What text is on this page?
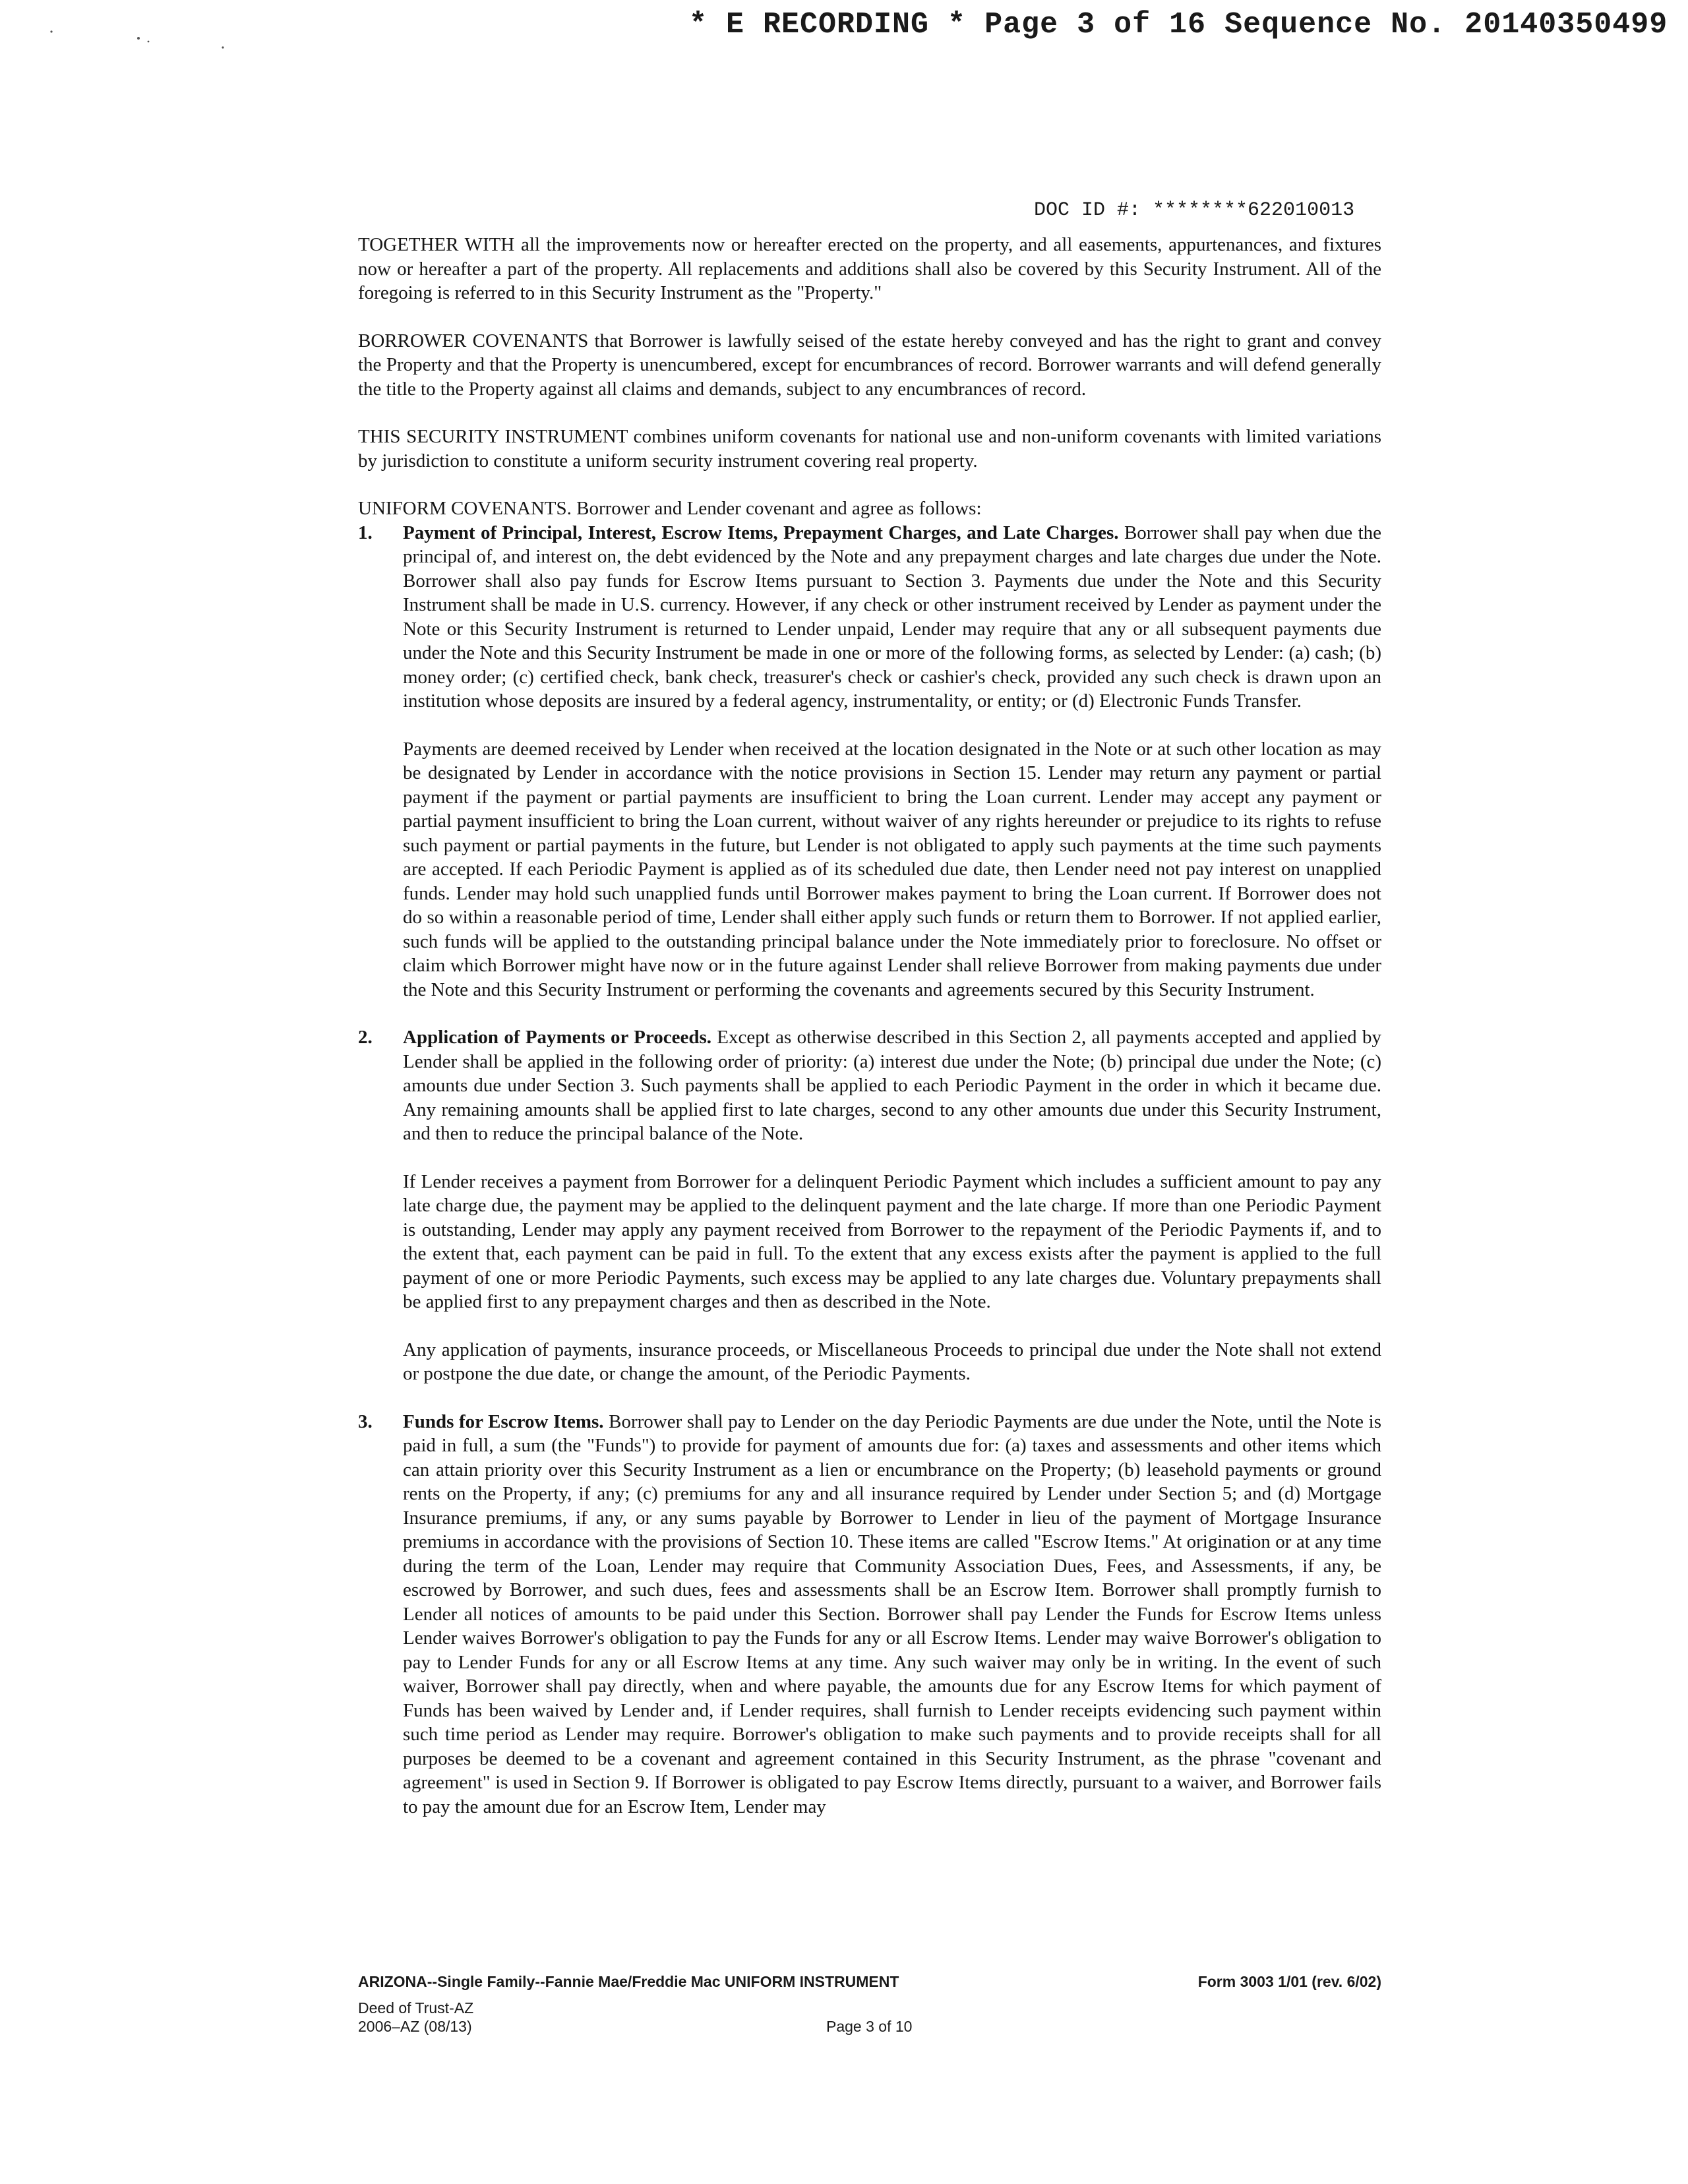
* E RECORDING * Page 3 of 16 Sequence No. 20140350499
DOC ID #: ********622010013

TOGETHER WITH all the improvements now or hereafter erected on the property, and all easements, appurtenances, and fixtures now or hereafter a part of the property. All replacements and additions shall also be covered by this Security Instrument. All of the foregoing is referred to in this Security Instrument as the "Property."

BORROWER COVENANTS that Borrower is lawfully seised of the estate hereby conveyed and has the right to grant and convey the Property and that the Property is unencumbered, except for encumbrances of record. Borrower warrants and will defend generally the title to the Property against all claims and demands, subject to any encumbrances of record.

THIS SECURITY INSTRUMENT combines uniform covenants for national use and non-uniform covenants with limited variations by jurisdiction to constitute a uniform security instrument covering real property.

UNIFORM COVENANTS. Borrower and Lender covenant and agree as follows:

1. Payment of Principal, Interest, Escrow Items, Prepayment Charges, and Late Charges. Borrower shall pay when due the principal of, and interest on, the debt evidenced by the Note and any prepayment charges and late charges due under the Note. Borrower shall also pay funds for Escrow Items pursuant to Section 3. Payments due under the Note and this Security Instrument shall be made in U.S. currency. However, if any check or other instrument received by Lender as payment under the Note or this Security Instrument is returned to Lender unpaid, Lender may require that any or all subsequent payments due under the Note and this Security Instrument be made in one or more of the following forms, as selected by Lender: (a) cash; (b) money order; (c) certified check, bank check, treasurer's check or cashier's check, provided any such check is drawn upon an institution whose deposits are insured by a federal agency, instrumentality, or entity; or (d) Electronic Funds Transfer.

Payments are deemed received by Lender when received at the location designated in the Note or at such other location as may be designated by Lender in accordance with the notice provisions in Section 15. Lender may return any payment or partial payment if the payment or partial payments are insufficient to bring the Loan current. Lender may accept any payment or partial payment insufficient to bring the Loan current, without waiver of any rights hereunder or prejudice to its rights to refuse such payment or partial payments in the future, but Lender is not obligated to apply such payments at the time such payments are accepted. If each Periodic Payment is applied as of its scheduled due date, then Lender need not pay interest on unapplied funds. Lender may hold such unapplied funds until Borrower makes payment to bring the Loan current. If Borrower does not do so within a reasonable period of time, Lender shall either apply such funds or return them to Borrower. If not applied earlier, such funds will be applied to the outstanding principal balance under the Note immediately prior to foreclosure. No offset or claim which Borrower might have now or in the future against Lender shall relieve Borrower from making payments due under the Note and this Security Instrument or performing the covenants and agreements secured by this Security Instrument.

2. Application of Payments or Proceeds. Except as otherwise described in this Section 2, all payments accepted and applied by Lender shall be applied in the following order of priority: (a) interest due under the Note; (b) principal due under the Note; (c) amounts due under Section 3. Such payments shall be applied to each Periodic Payment in the order in which it became due. Any remaining amounts shall be applied first to late charges, second to any other amounts due under this Security Instrument, and then to reduce the principal balance of the Note.

If Lender receives a payment from Borrower for a delinquent Periodic Payment which includes a sufficient amount to pay any late charge due, the payment may be applied to the delinquent payment and the late charge. If more than one Periodic Payment is outstanding, Lender may apply any payment received from Borrower to the repayment of the Periodic Payments if, and to the extent that, each payment can be paid in full. To the extent that any excess exists after the payment is applied to the full payment of one or more Periodic Payments, such excess may be applied to any late charges due. Voluntary prepayments shall be applied first to any prepayment charges and then as described in the Note.

Any application of payments, insurance proceeds, or Miscellaneous Proceeds to principal due under the Note shall not extend or postpone the due date, or change the amount, of the Periodic Payments.

3. Funds for Escrow Items. Borrower shall pay to Lender on the day Periodic Payments are due under the Note, until the Note is paid in full, a sum (the "Funds") to provide for payment of amounts due for: (a) taxes and assessments and other items which can attain priority over this Security Instrument as a lien or encumbrance on the Property; (b) leasehold payments or ground rents on the Property, if any; (c) premiums for any and all insurance required by Lender under Section 5; and (d) Mortgage Insurance premiums, if any, or any sums payable by Borrower to Lender in lieu of the payment of Mortgage Insurance premiums in accordance with the provisions of Section 10. These items are called "Escrow Items." At origination or at any time during the term of the Loan, Lender may require that Community Association Dues, Fees, and Assessments, if any, be escrowed by Borrower, and such dues, fees and assessments shall be an Escrow Item. Borrower shall promptly furnish to Lender all notices of amounts to be paid under this Section. Borrower shall pay Lender the Funds for Escrow Items unless Lender waives Borrower's obligation to pay the Funds for any or all Escrow Items. Lender may waive Borrower's obligation to pay to Lender Funds for any or all Escrow Items at any time. Any such waiver may only be in writing. In the event of such waiver, Borrower shall pay directly, when and where payable, the amounts due for any Escrow Items for which payment of Funds has been waived by Lender and, if Lender requires, shall furnish to Lender receipts evidencing such payment within such time period as Lender may require. Borrower's obligation to make such payments and to provide receipts shall for all purposes be deemed to be a covenant and agreement contained in this Security Instrument, as the phrase "covenant and agreement" is used in Section 9. If Borrower is obligated to pay Escrow Items directly, pursuant to a waiver, and Borrower fails to pay the amount due for an Escrow Item, Lender may

ARIZONA--Single Family--Fannie Mae/Freddie Mac UNIFORM INSTRUMENT	Form 3003 1/01 (rev. 6/02)
Deed of Trust-AZ
2006–AZ (08/13)	Page 3 of 10
